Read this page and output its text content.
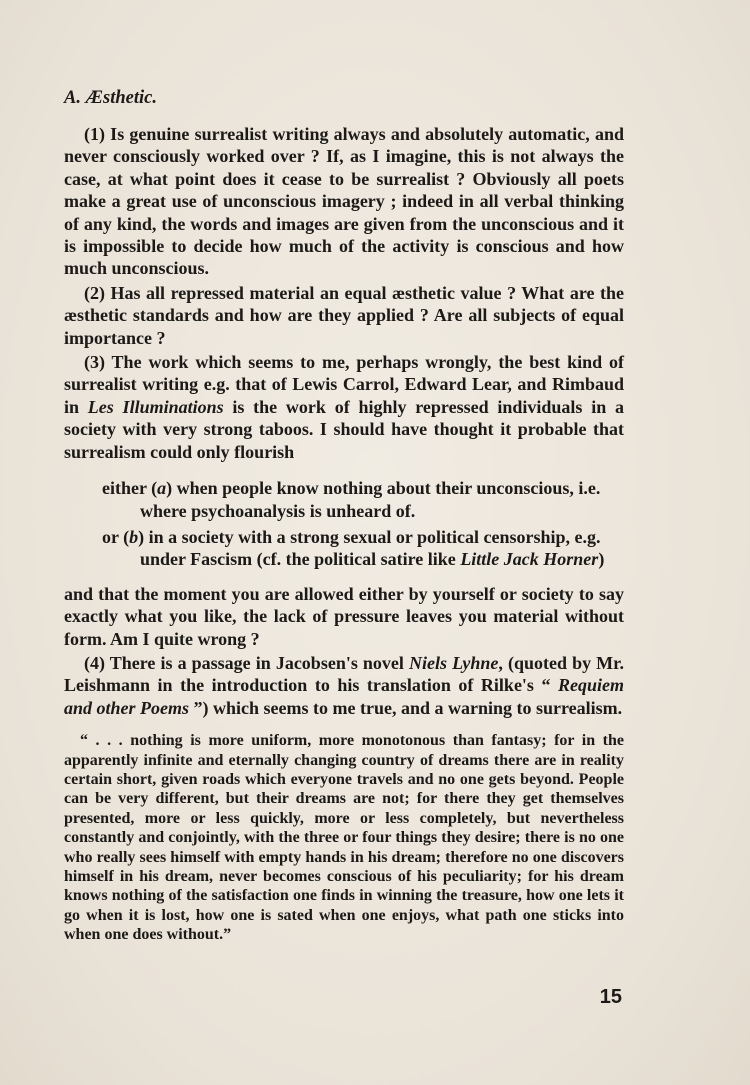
A. Æsthetic.

(1) Is genuine surrealist writing always and absolutely automatic, and never consciously worked over ? If, as I imagine, this is not always the case, at what point does it cease to be surrealist ? Obviously all poets make a great use of unconscious imagery ; indeed in all verbal thinking of any kind, the words and images are given from the unconscious and it is impossible to decide how much of the activity is conscious and how much unconscious.

(2) Has all repressed material an equal æsthetic value ? What are the æsthetic standards and how are they applied ? Are all subjects of equal importance ?

(3) The work which seems to me, perhaps wrongly, the best kind of surrealist writing e.g. that of Lewis Carrol, Edward Lear, and Rimbaud in Les Illuminations is the work of highly repressed individuals in a society with very strong taboos. I should have thought it probable that surrealism could only flourish

either (a) when people know nothing about their unconscious, i.e. where psychoanalysis is unheard of.
or (b) in a society with a strong sexual or political censorship, e.g. under Fascism (cf. the political satire like Little Jack Horner)

and that the moment you are allowed either by yourself or society to say exactly what you like, the lack of pressure leaves you material without form. Am I quite wrong ?

(4) There is a passage in Jacobsen's novel Niels Lyhne, (quoted by Mr. Leishmann in the introduction to his translation of Rilke's “ Requiem and other Poems ”) which seems to me true, and a warning to surrealism.

“ . . . nothing is more uniform, more monotonous than fantasy; for in the apparently infinite and eternally changing country of dreams there are in reality certain short, given roads which everyone travels and no one gets beyond. People can be very different, but their dreams are not; for there they get themselves presented, more or less quickly, more or less completely, but nevertheless constantly and conjointly, with the three or four things they desire; there is no one who really sees himself with empty hands in his dream; therefore no one discovers himself in his dream, never becomes conscious of his peculiarity; for his dream knows nothing of the satisfaction one finds in winning the treasure, how one lets it go when it is lost, how one is sated when one enjoys, what path one sticks into when one does without.”

15
